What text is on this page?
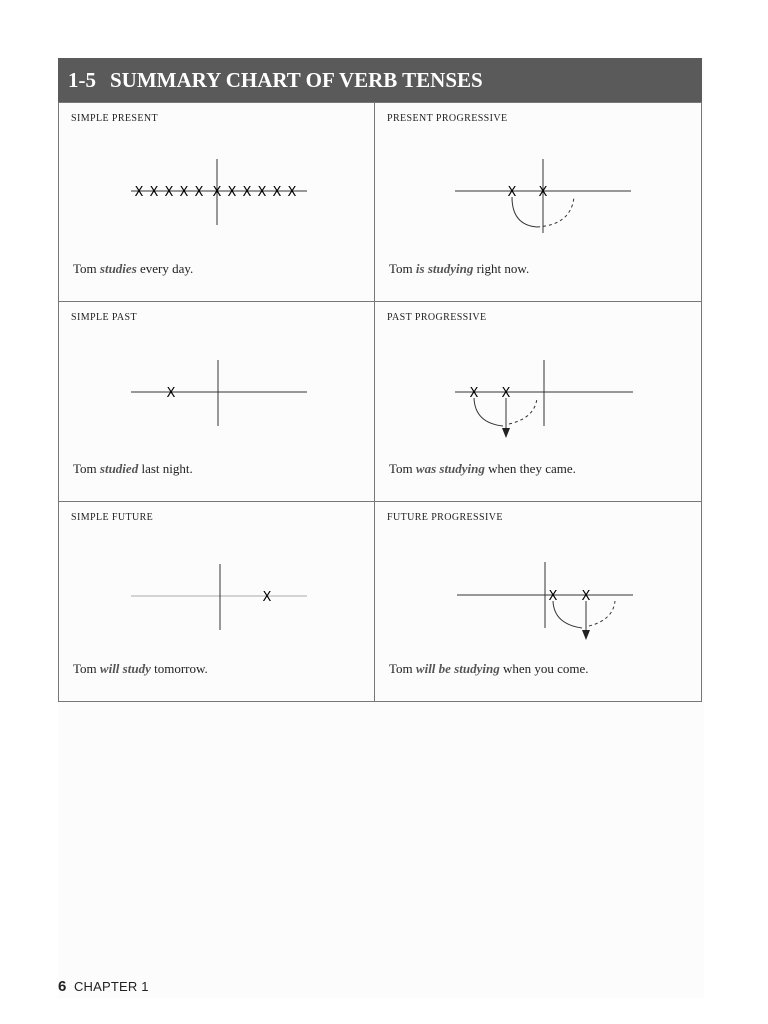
1-5 SUMMARY CHART OF VERB TENSES
SIMPLE PRESENT
X X X X X X X X X X X
Tom studies every day.
PRESENT PROGRESSIVE
X X
Tom is studying right now.
SIMPLE PAST
X
Tom studied last night.
PAST PROGRESSIVE
X X
Tom was studying when they came.
SIMPLE FUTURE
X
Tom will study tomorrow.
FUTURE PROGRESSIVE
X X
Tom will be studying when you come.
6 CHAPTER 1
